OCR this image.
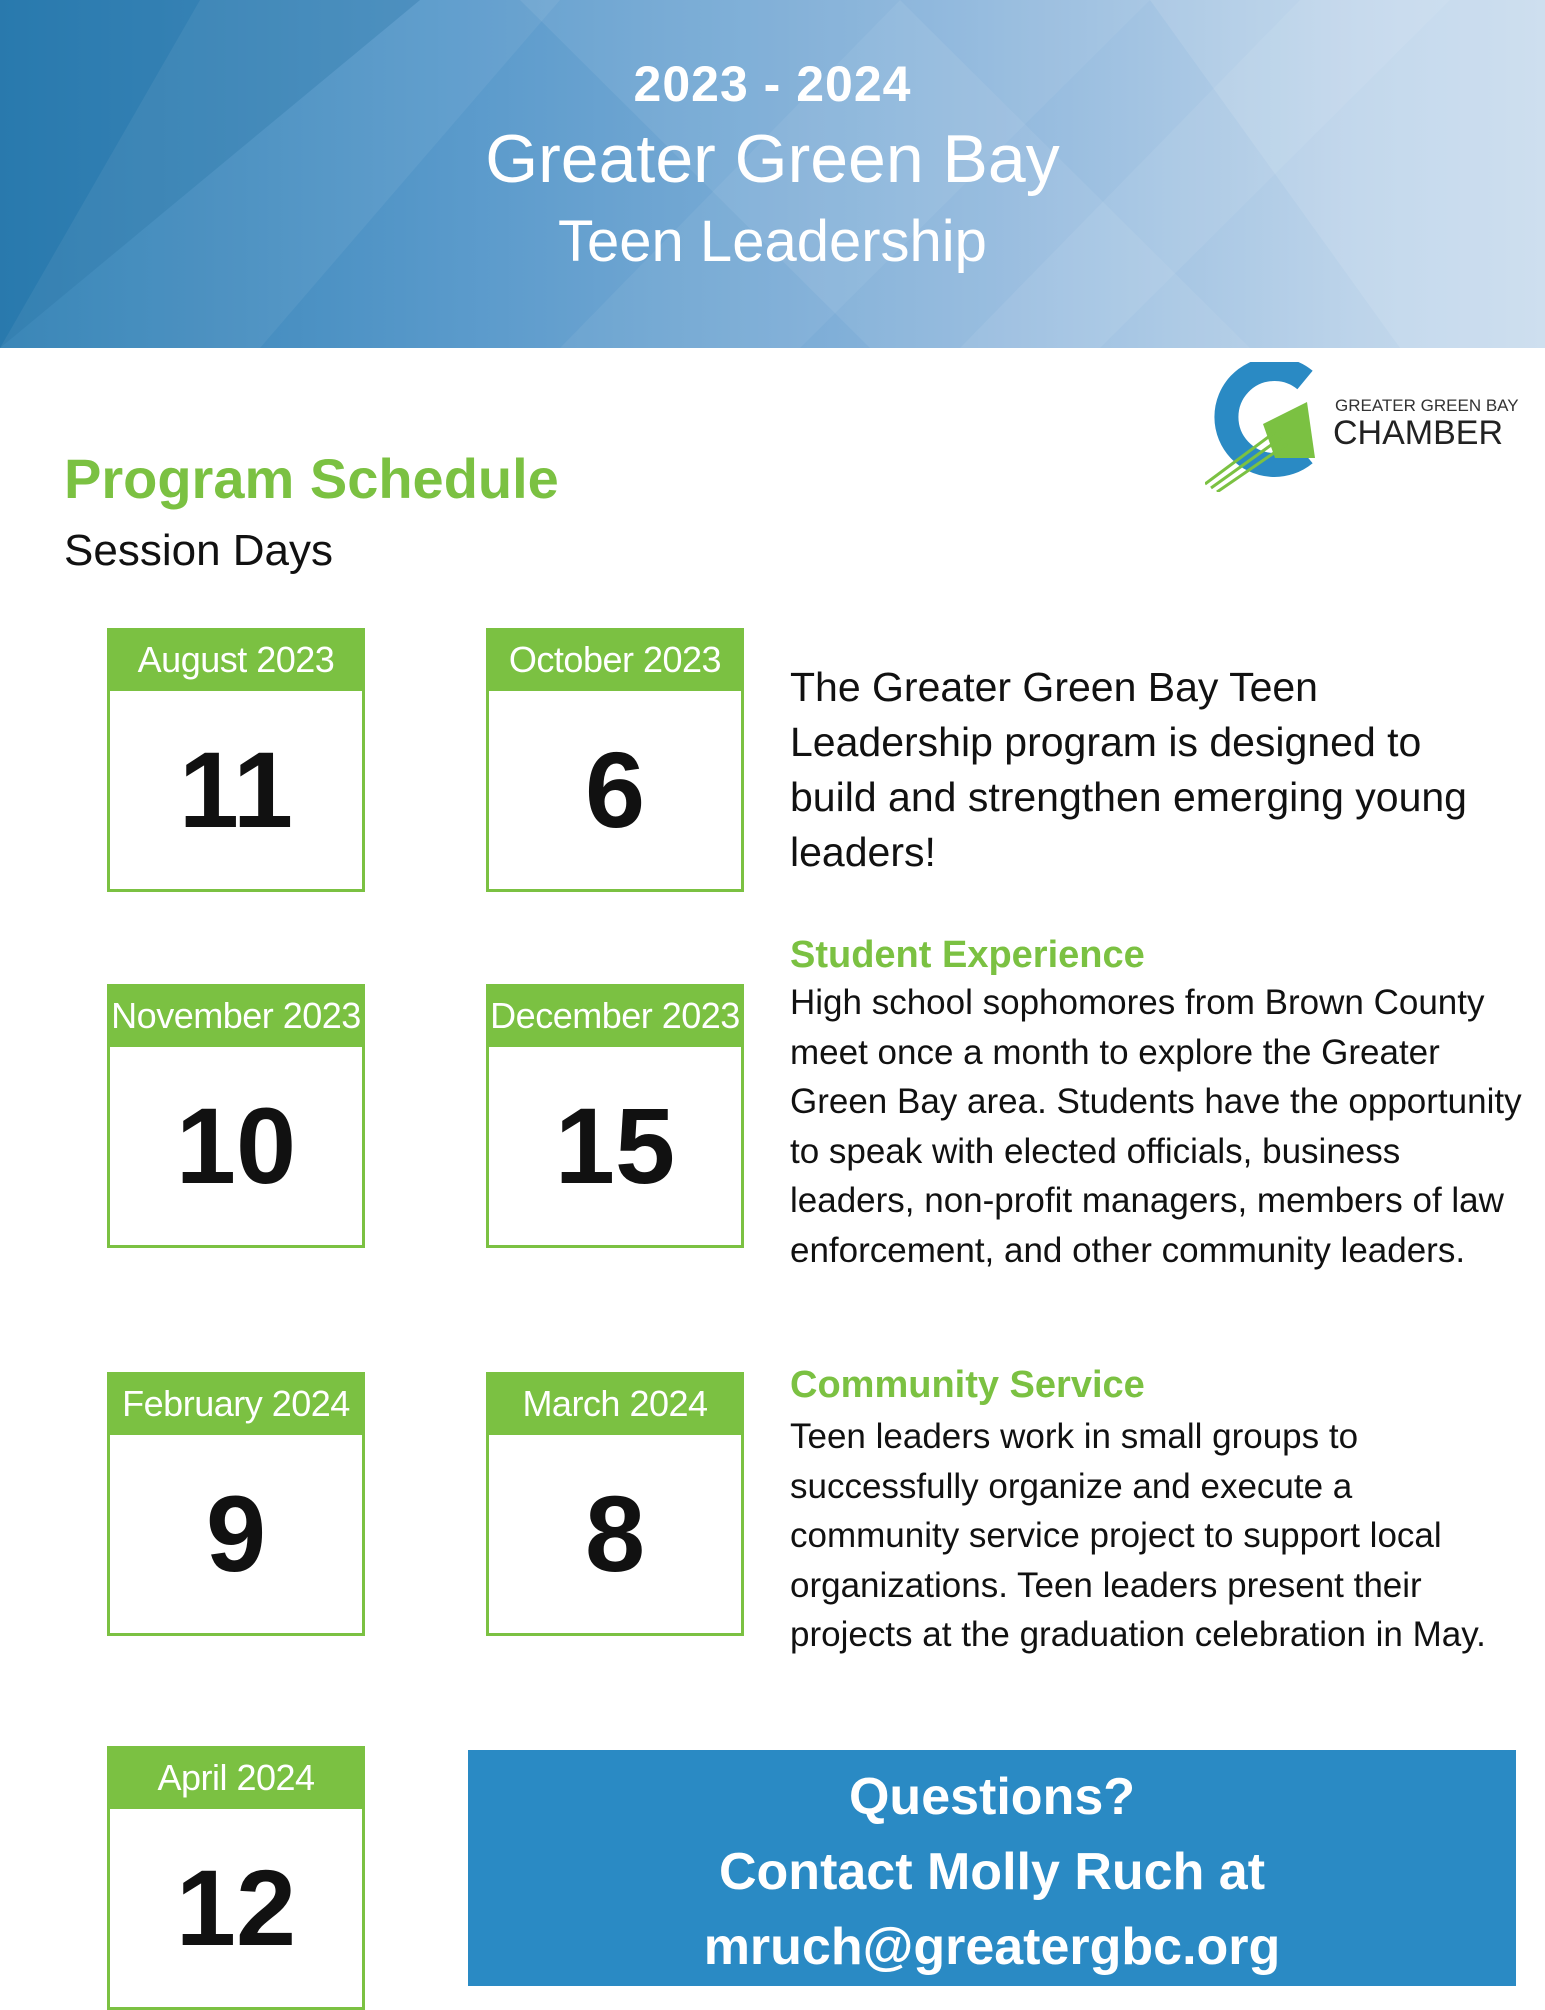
2023 - 2024
Greater Green Bay
Teen Leadership
GREATER GREEN BAY
CHAMBER
Program Schedule
Session Days
August 2023
11
October 2023
6
November 2023
10
December 2023
15
February 2024
9
March 2024
8
April 2024
12
The Greater Green Bay Teen Leadership program is designed to build and strengthen emerging young leaders!
Student Experience
High school sophomores from Brown County meet once a month to explore the Greater Green Bay area. Students have the opportunity to speak with elected officials, business leaders, non-profit managers, members of law enforcement, and other community leaders.
Community Service
Teen leaders work in small groups to successfully organize and execute a community service project to support local organizations. Teen leaders present their projects at the graduation celebration in May.
Questions?
Contact Molly Ruch at
mruch@greatergbc.org
